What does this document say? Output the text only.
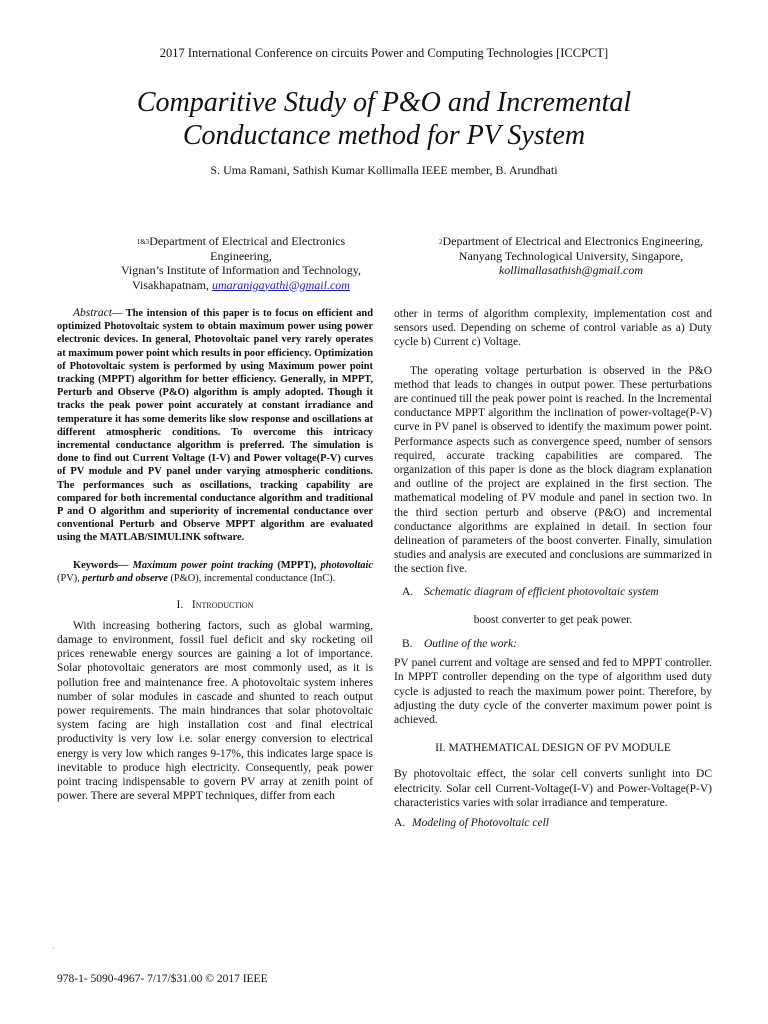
2017 International Conference on circuits Power and Computing Technologies [ICCPCT]
Comparitive Study of P&O and Incremental
Conductance method for PV System
S. Uma Ramani, Sathish Kumar Kollimalla IEEE member, B. Arundhati
$^{1\&3}$Department of Electrical and Electronics
Engineering,
Vignan’s Institute of Information and Technology,
Visakhapatnam, umaranigayathi@gmail.com
$^2$Department of Electrical and Electronics Engineering,
Nanyang Technological University, Singapore,
kollimallasathish@gmail.com

Abstract— The intension of this paper is to focus on efficient and optimized Photovoltaic system to obtain maximum power using power electronic devices. In general, Photovoltaic panel very rarely operates at maximum power point which results in poor efficiency. Optimization of Photovoltaic system is performed by using Maximum power point tracking (MPPT) algorithm for better efficiency. Generally, in MPPT, Perturb and Observe (P&O) algorithm is amply adopted. Though it tracks the peak power point accurately at constant irradiance and temperature it has some demerits like slow response and oscillations at different atmospheric conditions. To overcome this intricacy incremental conductance algorithm is preferred. The simulation is done to find out Current Voltage (I-V) and Power voltage(P-V) curves of PV module and PV panel under varying atmospheric conditions. The performances such as oscillations, tracking capability are compared for both incremental conductance algorithm and traditional P and O algorithm and superiority of incremental conductance over conventional Perturb and Observe MPPT algorithm are evaluated using the MATLAB/SIMULINK software.

Keywords— Maximum power point tracking (MPPT), photovoltaic (PV), perturb and observe (P&O), incremental conductance (InC).

I. Introduction

With increasing bothering factors, such as global warming, damage to environment, fossil fuel deficit and sky rocketing oil prices renewable energy sources are gaining a lot of importance. Solar photovoltaic generators are most commonly used, as it is pollution free and maintenance free. A photovoltaic system inheres number of solar modules in cascade and shunted to reach output power requirements. The main hindrances that solar photovoltaic system facing are high installation cost and final electrical productivity is very low i.e. solar energy conversion to electrical energy is very low which ranges 9-17%, this indicates large space is inevitable to produce high electricity. Consequently, peak power point tracing indispensable to govern PV array at zenith point of power. There are several MPPT techniques, differ from each

other in terms of algorithm complexity, implementation cost and sensors used. Depending on scheme of control variable as a) Duty cycle b) Current c) Voltage.

The operating voltage perturbation is observed in the P&O method that leads to changes in output power. These perturbations are continued till the peak power point is reached. In the Incremental conductance MPPT algorithm the inclination of power-voltage(P-V) curve in PV panel is observed to identify the maximum power point. Performance aspects such as convergence speed, number of sensors required, accurate tracking capabilities are compared. The organization of this paper is done as the block diagram explanation and outline of the project are explained in the first section. The mathematical modeling of PV module and panel in section two. In the third section perturb and observe (P&O) and incremental conductance algorithms are explained in detail. In section four delineation of parameters of the boost converter. Finally, simulation studies and analysis are executed and conclusions are summarized in the section five.

A. Schematic diagram of efficient photovoltaic system

boost converter to get peak power.

B. Outline of the work:

PV panel current and voltage are sensed and fed to MPPT controller. In MPPT controller depending on the type of algorithm used duty cycle is adjusted to reach the maximum power point. Therefore, by adjusting the duty cycle of the converter maximum power point is achieved.

II. MATHEMATICAL DESIGN OF PV MODULE

By photovoltaic effect, the solar cell converts sunlight into DC electricity. Solar cell Current-Voltage(I-V) and Power-Voltage(P-V) characteristics varies with solar irradiance and temperature.

A. Modeling of Photovoltaic cell
·
978-1- 5090-4967- 7/17/$31.00 © 2017 IEEE
